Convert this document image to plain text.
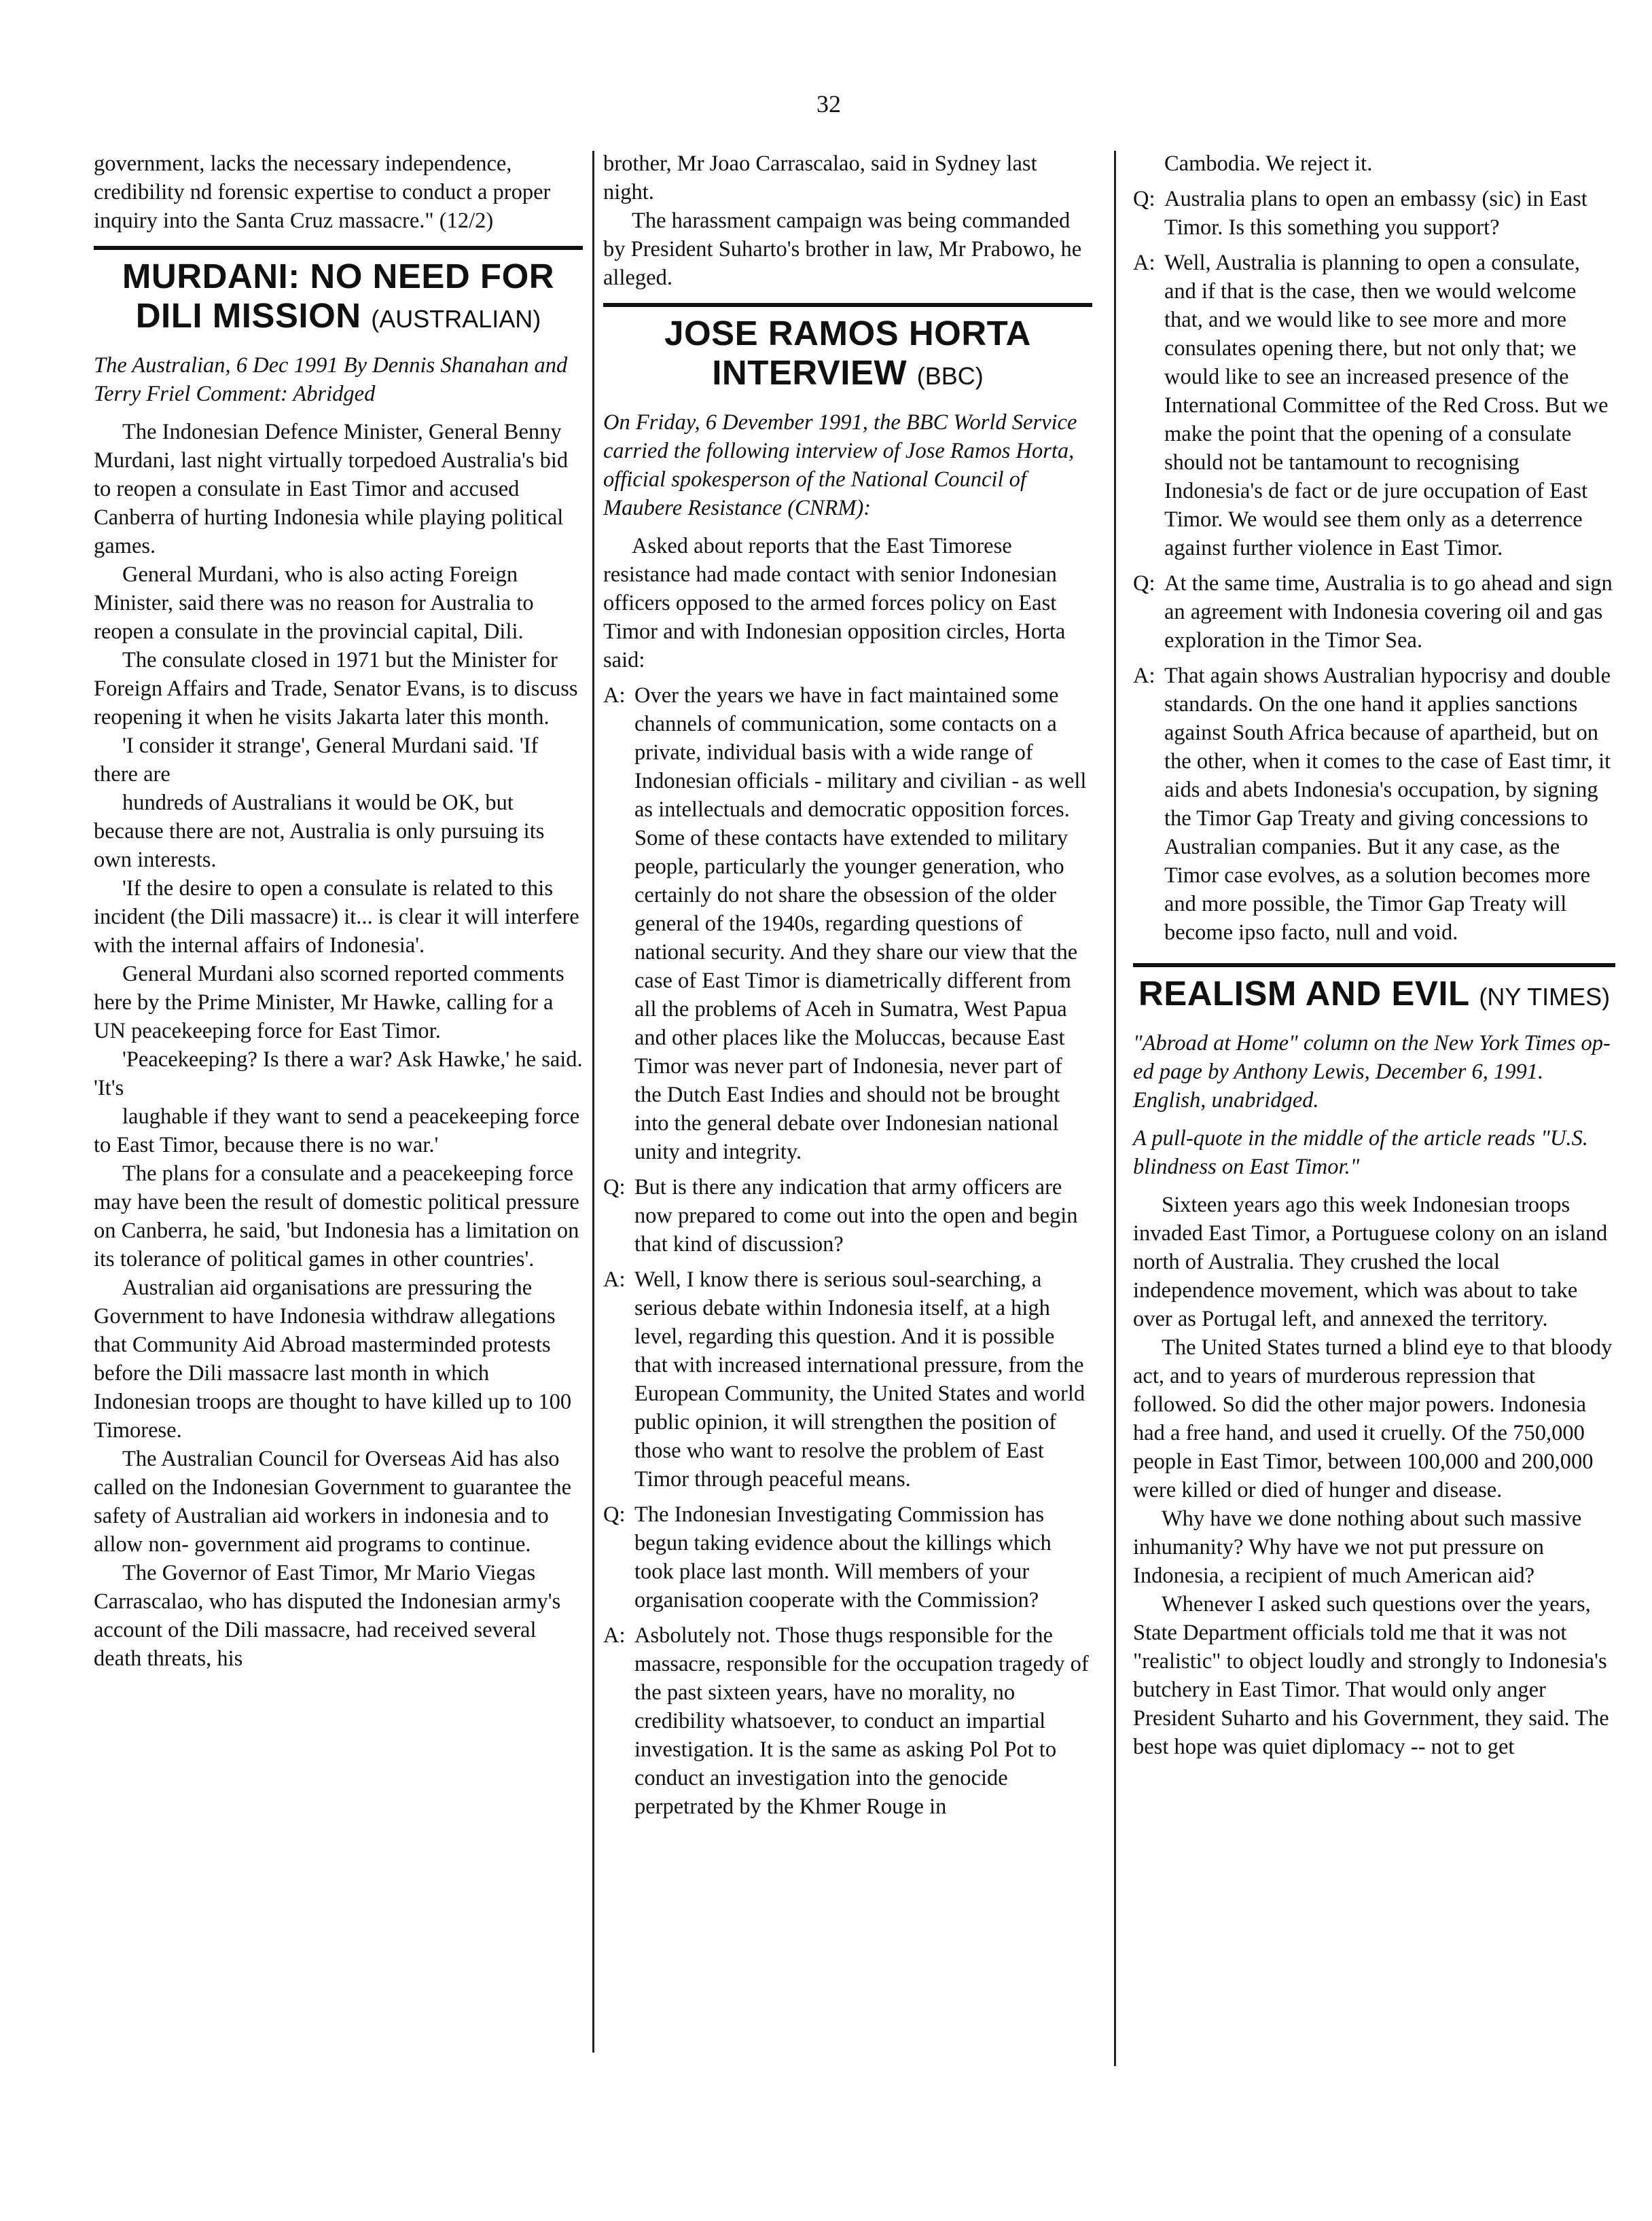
32

government, lacks the necessary independence, credibility nd forensic expertise to conduct a proper inquiry into the Santa Cruz massacre." (12/2)

MURDANI: NO NEED FOR DILI MISSION (AUSTRALIAN)

The Australian, 6 Dec 1991 By Dennis Shanahan and Terry Friel Comment: Abridged

The Indonesian Defence Minister, General Benny Murdani, last night virtually torpedoed Australia's bid to reopen a consulate in East Timor and accused Canberra of hurting Indonesia while playing political games.

General Murdani, who is also acting Foreign Minister, said there was no reason for Australia to reopen a consulate in the provincial capital, Dili.

The consulate closed in 1971 but the Minister for Foreign Affairs and Trade, Senator Evans, is to discuss reopening it when he visits Jakarta later this month.

'I consider it strange', General Murdani said. 'If there are

hundreds of Australians it would be OK, but because there are not, Australia is only pursuing its own interests.

'If the desire to open a consulate is related to this incident (the Dili massacre) it... is clear it will interfere with the internal affairs of Indonesia'.

General Murdani also scorned reported comments here by the Prime Minister, Mr Hawke, calling for a UN peacekeeping force for East Timor.

'Peacekeeping? Is there a war? Ask Hawke,' he said. 'It's

laughable if they want to send a peacekeeping force to East Timor, because there is no war.'

The plans for a consulate and a peacekeeping force may have been the result of domestic political pressure on Canberra, he said, 'but Indonesia has a limitation on its tolerance of political games in other countries'.

Australian aid organisations are pressuring the Government to have Indonesia withdraw allegations that Community Aid Abroad masterminded protests before the Dili massacre last month in which Indonesian troops are thought to have killed up to 100 Timorese.

The Australian Council for Overseas Aid has also called on the Indonesian Government to guarantee the safety of Australian aid workers in indonesia and to allow non- government aid programs to continue.

The Governor of East Timor, Mr Mario Viegas Carrascalao, who has disputed the Indonesian army's account of the Dili massacre, had received several death threats, his

brother, Mr Joao Carrascalao, said in Sydney last night.

The harassment campaign was being commanded by President Suharto's brother in law, Mr Prabowo, he alleged.

JOSE RAMOS HORTA INTERVIEW (BBC)

On Friday, 6 Devember 1991, the BBC World Service carried the following interview of Jose Ramos Horta, official spokesperson of the National Council of Maubere Resistance (CNRM):

Asked about reports that the East Timorese resistance had made contact with senior Indonesian officers opposed to the armed forces policy on East Timor and with Indonesian opposition circles, Horta said:

A: Over the years we have in fact maintained some channels of communication, some contacts on a private, individual basis with a wide range of Indonesian officials - military and civilian - as well as intellectuals and democratic opposition forces. Some of these contacts have extended to military people, particularly the younger generation, who certainly do not share the obsession of the older general of the 1940s, regarding questions of national security. And they share our view that the case of East Timor is diametrically different from all the problems of Aceh in Sumatra, West Papua and other places like the Moluccas, because East Timor was never part of Indonesia, never part of the Dutch East Indies and should not be brought into the general debate over Indonesian national unity and integrity.

Q: But is there any indication that army officers are now prepared to come out into the open and begin that kind of discussion?

A: Well, I know there is serious soul-searching, a serious debate within Indonesia itself, at a high level, regarding this question. And it is possible that with increased international pressure, from the European Community, the United States and world public opinion, it will strengthen the position of those who want to resolve the problem of East Timor through peaceful means.

Q: The Indonesian Investigating Commission has begun taking evidence about the killings which took place last month. Will members of your organisation cooperate with the Commission?

A: Asbolutely not. Those thugs responsible for the massacre, responsible for the occupation tragedy of the past sixteen years, have no morality, no credibility whatsoever, to conduct an impartial investigation. It is the same as asking Pol Pot to conduct an investigation into the genocide perpetrated by the Khmer Rouge in

Cambodia. We reject it.

Q: Australia plans to open an embassy (sic) in East Timor. Is this something you support?

A: Well, Australia is planning to open a consulate, and if that is the case, then we would welcome that, and we would like to see more and more consulates opening there, but not only that; we would like to see an increased presence of the International Committee of the Red Cross. But we make the point that the opening of a consulate should not be tantamount to recognising Indonesia's de fact or de jure occupation of East Timor. We would see them only as a deterrence against further violence in East Timor.

Q: At the same time, Australia is to go ahead and sign an agreement with Indonesia covering oil and gas exploration in the Timor Sea.

A: That again shows Australian hypocrisy and double standards. On the one hand it applies sanctions against South Africa because of apartheid, but on the other, when it comes to the case of East timr, it aids and abets Indonesia's occupation, by signing the Timor Gap Treaty and giving concessions to Australian companies. But it any case, as the Timor case evolves, as a solution becomes more and more possible, the Timor Gap Treaty will become ipso facto, null and void.

REALISM AND EVIL (NY TIMES)

"Abroad at Home" column on the New York Times op-ed page by Anthony Lewis, December 6, 1991. English, unabridged.

A pull-quote in the middle of the article reads "U.S. blindness on East Timor."

Sixteen years ago this week Indonesian troops invaded East Timor, a Portuguese colony on an island north of Australia. They crushed the local independence movement, which was about to take over as Portugal left, and annexed the territory.

The United States turned a blind eye to that bloody act, and to years of murderous repression that followed. So did the other major powers. Indonesia had a free hand, and used it cruelly. Of the 750,000 people in East Timor, between 100,000 and 200,000 were killed or died of hunger and disease.

Why have we done nothing about such massive inhumanity? Why have we not put pressure on Indonesia, a recipient of much American aid?

Whenever I asked such questions over the years, State Department officials told me that it was not "realistic" to object loudly and strongly to Indonesia's butchery in East Timor. That would only anger President Suharto and his Government, they said. The best hope was quiet diplomacy -- not to get
